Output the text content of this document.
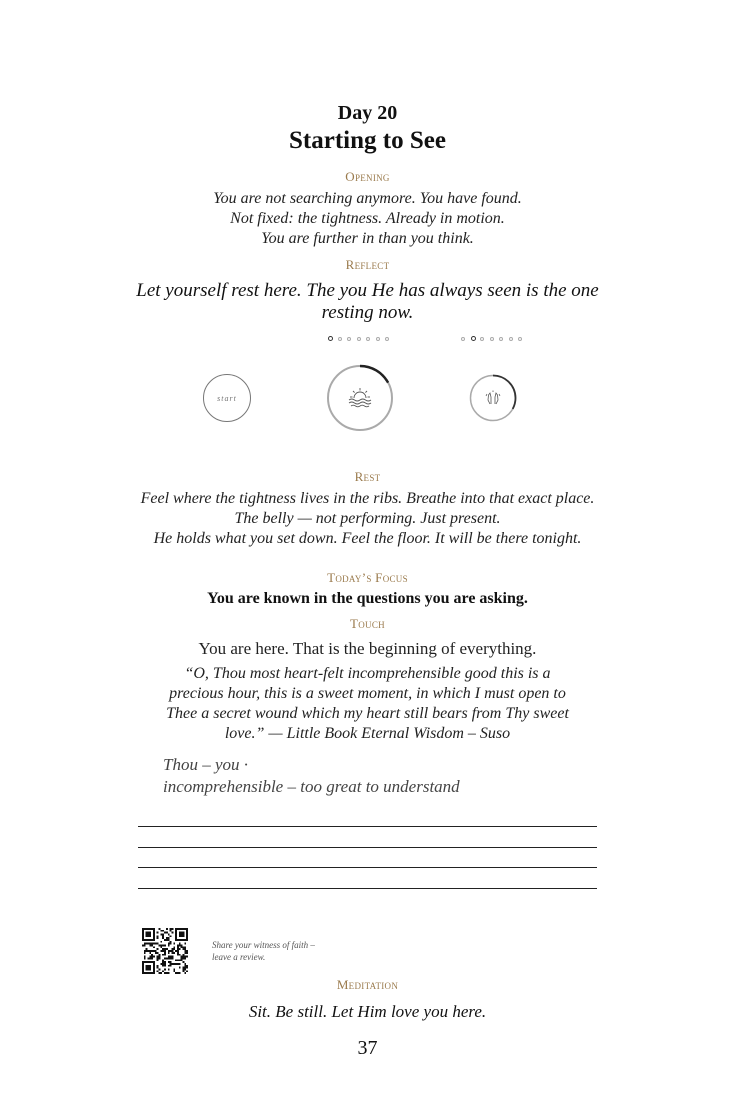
Day 20
Starting to See
Opening
You are not searching anymore. You have found.
Not fixed: the tightness. Already in motion.
You are further in than you think.
Reflect
Let yourself rest here. The you He has always seen is the one resting now.
start
Rest
Feel where the tightness lives in the ribs. Breathe into that exact place.
The belly — not performing. Just present.
He holds what you set down. Feel the floor. It will be there tonight.
Today’s Focus
You are known in the questions you are asking.
Touch
You are here. That is the beginning of everything.
“O, Thou most heart-felt incomprehensible good this is a precious hour, this is a sweet moment, in which I must open to Thee a secret wound which my heart still bears from Thy sweet love.” — Little Book Eternal Wisdom – Suso
Thou – you ·
incomprehensible – too great to understand
Share your witness of faith –
leave a review.
Meditation
Sit. Be still. Let Him love you here.
37
